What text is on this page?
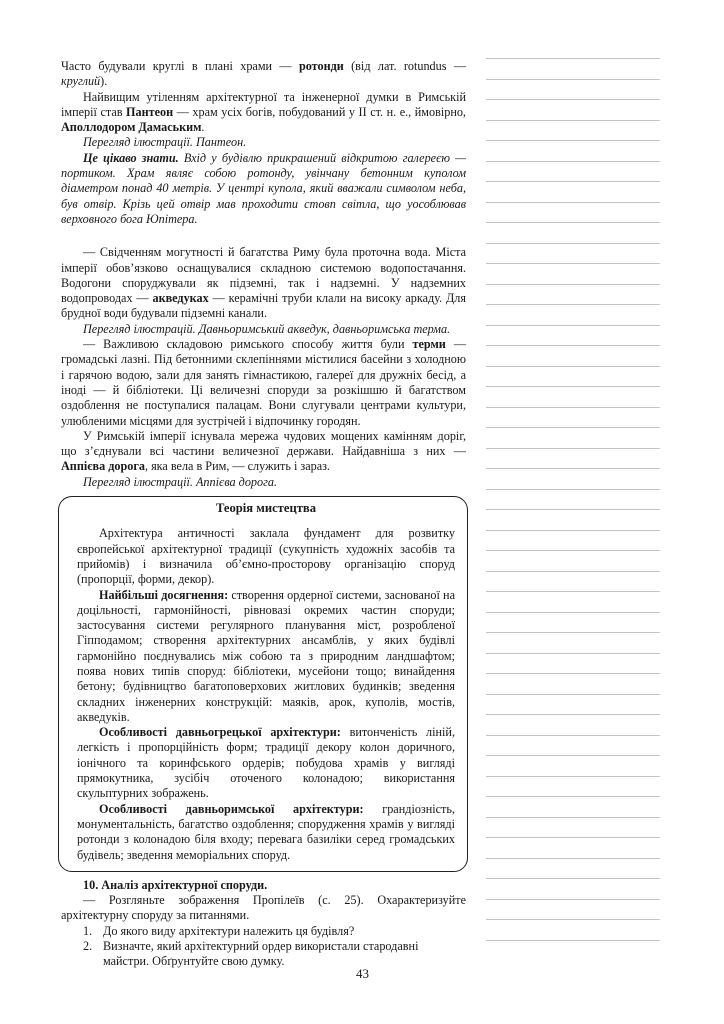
Часто будували круглі в плані храми — ротонди (від лат. rotundus — круглий).

Найвищим утіленням архітектурної та інженерної думки в Римській імперії став Пантеон — храм усіх богів, побудований у II ст. н. е., ймовірно, Аполлодором Дамаським.

Перегляд ілюстрації. Пантеон.

Це цікаво знати. Вхід у будівлю прикрашений відкритою галереєю — портиком. Храм являє собою ротонду, увінчану бетонним куполом діаметром понад 40 метрів. У центрі купола, який вважали символом неба, був отвір. Крізь цей отвір мав проходити стовп світла, що уособлював верховного бога Юпітера.

— Свідченням могутності й багатства Риму була проточна вода. Міста імперії обов’язково оснащувалися складною системою водопостачання. Водогони споруджували як підземні, так і надземні. У надземних водопроводах — акведуках — керамічні труби клали на високу аркаду. Для брудної води будували підземні канали.

Перегляд ілюстрацій. Давньоримський акведук, давньоримська терма.

— Важливою складовою римського способу життя були терми — громадські лазні. Під бетонними склепіннями містилися басейни з холодною і гарячою водою, зали для занять гімнастикою, галереї для дружніх бесід, а іноді — й бібліотеки. Ці величезні споруди за розкішшю й багатством оздоблення не поступалися палацам. Вони слугували центрами культури, улюбленими місцями для зустрічей і відпочинку городян.

У Римській імперії існувала мережа чудових мощених камінням доріг, що з’єднували всі частини величезної держави. Найдавніша з них — Аппієва дорога, яка вела в Рим, — служить і зараз.

Перегляд ілюстрації. Аппієва дорога.

Теорія мистецтва

Архітектура античності заклала фундамент для розвитку європейської архітектурної традиції (сукупність художніх засобів та прийомів) і визначила об’ємно-просторову організацію споруд (пропорції, форми, декор).

Найбільші досягнення: створення ордерної системи, заснованої на доцільності, гармонійності, рівновазі окремих частин споруди; застосування системи регулярного планування міст, розробленої Гіпподамом; створення архітектурних ансамблів, у яких будівлі гармонійно поєднувались між собою та з природним ландшафтом; поява нових типів споруд: бібліотеки, мусейони тощо; винайдення бетону; будівництво багатоповерхових житлових будинків; зведення складних інженерних конструкцій: маяків, арок, куполів, мостів, акведуків.

Особливості давньогрецької архітектури: витонченість ліній, легкість і пропорційність форм; традиції декору колон доричного, іонічного та коринфського ордерів; побудова храмів у вигляді прямокутника, зусібіч оточеного колонадою; використання скульптурних зображень.

Особливості давньоримської архітектури: грандіозність, монументальність, багатство оздоблення; спорудження храмів у вигляді ротонди з колонадою біля входу; перевага базиліки серед громадських будівель; зведення меморіальних споруд.

10. Аналіз архітектурної споруди.

— Розгляньте зображення Пропілеїв (с. 25). Охарактеризуйте архітектурну споруду за питаннями.

1. До якого виду архітектури належить ця будівля?
2. Визначте, який архітектурний ордер використали стародавні майстри. Обґрунтуйте свою думку.
43
